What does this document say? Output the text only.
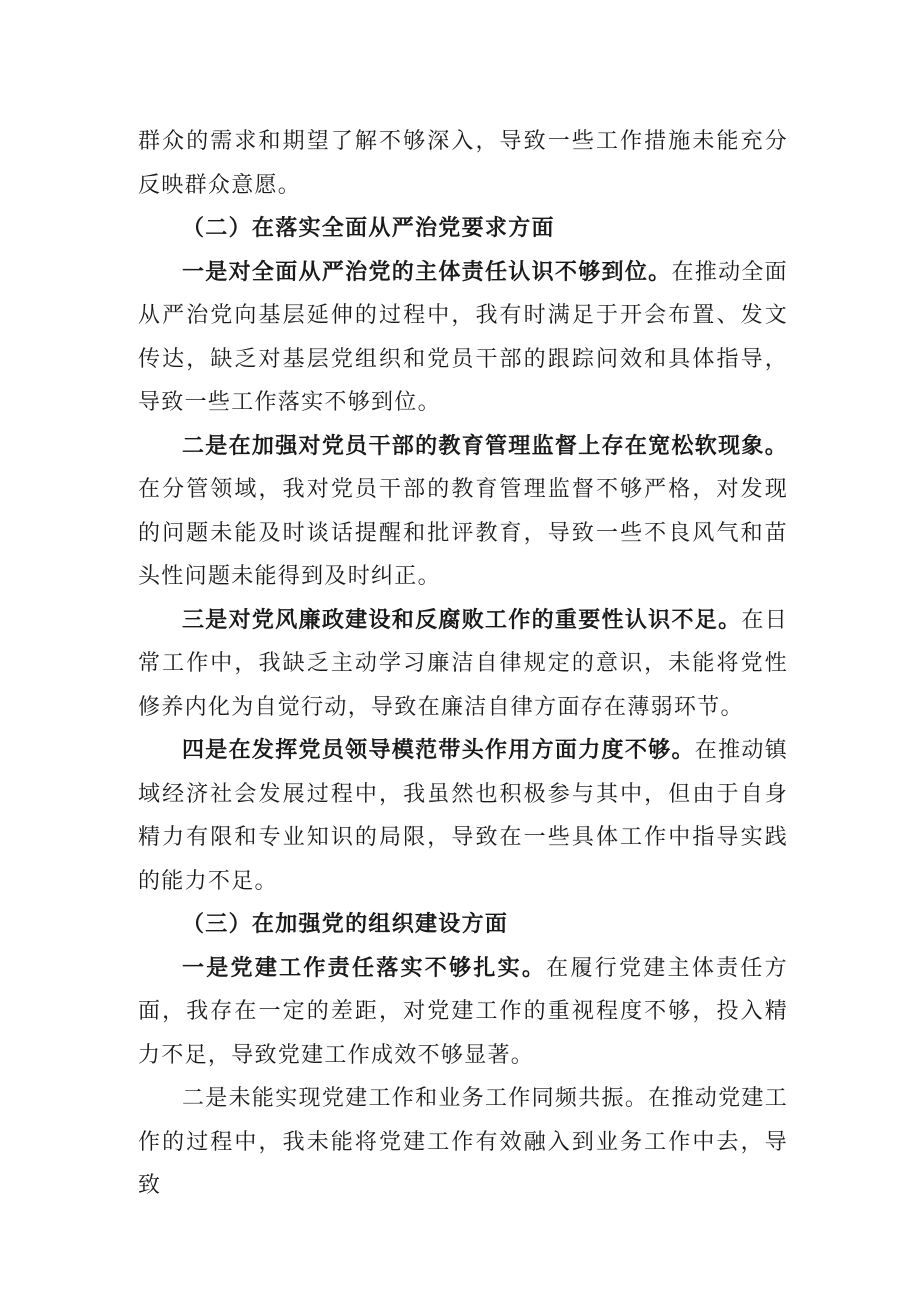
群众的需求和期望了解不够深入，导致一些工作措施未能充分反映群众意愿。

（二）在落实全面从严治党要求方面

一是对全面从严治党的主体责任认识不够到位。在推动全面从严治党向基层延伸的过程中，我有时满足于开会布置、发文传达，缺乏对基层党组织和党员干部的跟踪问效和具体指导，导致一些工作落实不够到位。

二是在加强对党员干部的教育管理监督上存在宽松软现象。在分管领域，我对党员干部的教育管理监督不够严格，对发现的问题未能及时谈话提醒和批评教育，导致一些不良风气和苗头性问题未能得到及时纠正。

三是对党风廉政建设和反腐败工作的重要性认识不足。在日常工作中，我缺乏主动学习廉洁自律规定的意识，未能将党性修养内化为自觉行动，导致在廉洁自律方面存在薄弱环节。

四是在发挥党员领导模范带头作用方面力度不够。在推动镇域经济社会发展过程中，我虽然也积极参与其中，但由于自身精力有限和专业知识的局限，导致在一些具体工作中指导实践的能力不足。

（三）在加强党的组织建设方面

一是党建工作责任落实不够扎实。在履行党建主体责任方面，我存在一定的差距，对党建工作的重视程度不够，投入精力不足，导致党建工作成效不够显著。

二是未能实现党建工作和业务工作同频共振。在推动党建工作的过程中，我未能将党建工作有效融入到业务工作中去，导致
